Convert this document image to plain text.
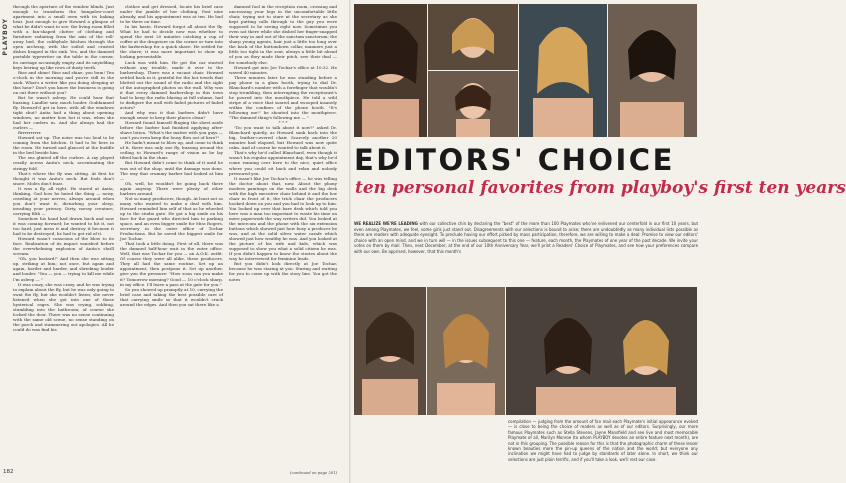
PLAYBOY
182

through the aperture of the window blinds. Just enough to transform the bungalow-court apartment into a small oven with its baking heat. Just enough to give Howard a glimpse of what he didn't want to see: the living room filled with a fan-shaped clutter of clothing and furniture radiating from the axis of the roll-away bed, the cubbyhole kitchen through the open archway, with the soiled and crusted dishes heaped in the sink. Yes, and the damned portable typewriter on the table in the corner, its carriage accusingly empty and its unyielding keys leering up like rows of dusty teeth.

Rise and shine! Rise and shine, you bum! Ten o'clock in the morning and you're still in the sack. What's a writer like you doing sleeping at this hour? Don't you know the business is going on out there without you?

But he wasn't asleep. He could hear that buzzing. Landlor saw, much louder. Goddamned fly. Howard'd get in here, with all the windows tight shut? Anita had a thing about opening windows, no matter how hot it was, when she had her curlers in. And she always had the curlers —

Rrrrrrrrrrr.

Howard sat up. The noise was too loud to be coming from the kitchen. It had to be here in the room. He turned and glanced at the buddle in the bed beside him.

The sea glinted off the curlers. A ray played crazily across Anita's neck, accentuating the stringy fold.

That's where the fly was sitting. At first he thought it was Anita's neck. But fools don't snore. Moles don't buzz.

It was a fly, all right. He stared at Anita, thinking, God how he hated the thing — noisy, crawling at your nerves, always around when you don't want it, disturbing your sleep, invading your privacy. Dirty, messy creature, carrying filth —

Somehow his hand had drawn back and now it was coming forward; he wanted to hit it, not too hard, just mess it and destroy it because it had to be destroyed, he had to get rid of it.

Howard wasn't conscious of the blow to its face. Realization of its impact vanished before the overwhelming explosion of Anita's shrill scream.

"Oh, you bastard!" And then she was sitting up, striking at him; not once, but again and again, harder and harder, and shrieking louder and louder. "You — you — trying to kill me while I'm asleep — "

It was crazy, she was crazy, and he was trying to explain about the fly, but he was only going to swat the fly, but she wouldn't listen; she never listened when she got into one of those hysterical rages. She was crying, sobbing, stumbling into the bathroom; of course she locked the door. There was no sense continuing with the same old scene, no sense standing on the porch and stammering out apologies. All he could do was find his

clothes and get dressed, locate his brief case under the jumble of her clothing. Past nine already, and his appointment was at ten. He had to be there on time.

In his haste, Howard forgot all about the fly. What he had to decide now was whether to spend the next 20 minutes catching a cup of coffee at the drugstore on the corner or turn into the barbershop for a quick shave. He settled for the shave; it was more important to show up looking presentable.

Luck was with him. He got the car started without any trouble, made it over to the barbershop. There was a vacant chair. Howard settled back in it, grateful for the hot towels that blotted out the sound of the radio and the sight of the autographed photos on the wall. Why was it that every damned barbershop in this town had to keep the radio blaring at full volume, had to disfigure the wall with faded pictures of faded actors?

And why was it that barbers didn't have enough sense to keep their places clean?

Howard found himself flinging the sheet aside before the barber had finished applying after-shave lotion. "What's the matter with you guys — can't you even keep the lousy flies out of here?"

He hadn't meant to blow up, and come to think of it, there was only one fly, buzzing around the ceiling to Howard's range of vision as he lay tilted back in the chair.

But Howard didn't come to think of it until he was out of the shop, until the damage was done. The way that crummy barber had looked at him —

Oh, well, he wouldn't be going back there again anyway. There were plenty of other barbers around.

Not so many producers, though. At least not so many who wanted to make a deal with him. Howard reminded him self of that as he wheeled up to the studio gate. He got a big smile on his face for the guard who directed him to parking space, and an even bigger smile for Miss Rogers, secretary in the outer office of Tochar Productions. But he saved the biggest smile for Joe Tochar.

That took a little doing. First of all, there was the damned half-hour wait in the outer office. Well, that was Tochar for you — an A.O.K. outfit. Of course they were all alike, these producers. They all had the same routine. Set up an appointment, then postpone it. Set up another, give you the pressure: "How soon can you make it? Tomorrow morning? Good — 10 o'clock sharp, in my office. I'll leave a pass at the gate for you."

So you showed up promptly at 10, carrying the brief case and taking the best possible care of that carrying smile so that it wouldn't crack around the edges. And then you sat there like a

damned fool in the reception room, crossing and uncrossing your legs in the uncomfortable little chair, trying not to stare at the secretary as she kept putting calls through to the guy you were supposed to be seeing right now. Sometimes you even sat there while she dished her finger-snapped their way in and out of the sanctum sanctorum; the sharp young agents, hair just a little too long over the back of the buttondown collar, manners just a little too tight in the seat, always a little bit ahead of you as they made their pitch, sew their deal — for somebody else.

Howard got into Joe Tochar's office at 10:32. He waved 40 minutes.

Three minutes later he was standing before a pay phone in a glass booth, trying to dial Dr. Blanchard's number with a forefinger that wouldn't stop trembling, then interrupting the receptionist's he poured into the mouthpiece. He told a wild stripe of a voice that soared and swooped insanely within the confines of the phone booth. "It's following me!" he shouted into the mouthpiece. "The damned thing's following me — "

* * *

"Do you want to talk about it now?" asked Dr. Blanchard quietly, as Howard sank back into the big, leather-covered chair. Scarcely another 20 minutes had elapsed, but Howard was now quite calm. And of course he wanted to talk about it.

That's why he'd called Blanchard, even though it wasn't his regular appointment day, that's why he'd come running over here to the nice, quiet office where you could sit back and relax and nobody pressured you.

It wasn't like Joe Tochar's office — he was telling the doctor about that, now. About the phony modern paintings on the walls and the big desk with the high executive chair behind it and the low chair in front of it, the trick chair the producers hooked down on you and you had to look up to him. You looked up over that bare desk which told you here was a man too important to waste his time on mere paperwork the way writers did. You looked at the intercom and the phone with the six extension buttons which showed just how busy a producer he was, and at the solid silver water carafe which showed just how wealthy he was. And you looked at the picture of his wife and kids, which was supposed to show you what a solid citizen he was. If you didn't happen to know the stories about the way he interviewed for feminine leads.

But you didn't look directly at Joe Tochar, because he was staring at you. Staring and waiting for you to come up with the story line. You got the notes

(continued on page 201)
EDITORS' CHOICE
ten personal favorites from playboy's first ten years
WE REALIZE WE'RE LEADING with our collective chin by declaring the "best" of the more than 100 Playmates who've enlivened our centerfold in our first 10 years, but even among Playmates, we feel, some girls just stand out. Disagreements with our selections is bound to arise; there are undoubtedly as many individual lists possible as there are readers with adequate eyesight. To preclude having our effort picked by mass participation, therefore, we are willing to make a deal: Promise to view our editors' choice with an open mind, and we in turn will — in the issues subsequent to this one — feature, each month, the Playmates of one year of the past decade. We invite your votes on them by mail. Then, next December, at the end of our 10th Anniversary Year, we'll print a Readers' Choice of Playmates, and see how your preferences compare with our own. Be apprised, however, that this month's
compilation — judging from the amount of fan mail each Playmate's initial appearance evoked — is close to being the choice of readers as well as of our editors. Surprisingly, our more famous Playmates such as Stella Stevens, Jayne Mansfield and see live and most memorable Playmate of all, Marilyn Monroe (to whom PLAYBOY devotes an entire feature next month), are not in this grouping. The possible reason for this is that the photographic charm of these lesser known beauties more the pin-up queens of the nation and the world; but everyone any inclination we might have had to judge by standards of later alone. In short, we think our selections are just plain terrific, and if you'll take a look, we'll rest our case.
